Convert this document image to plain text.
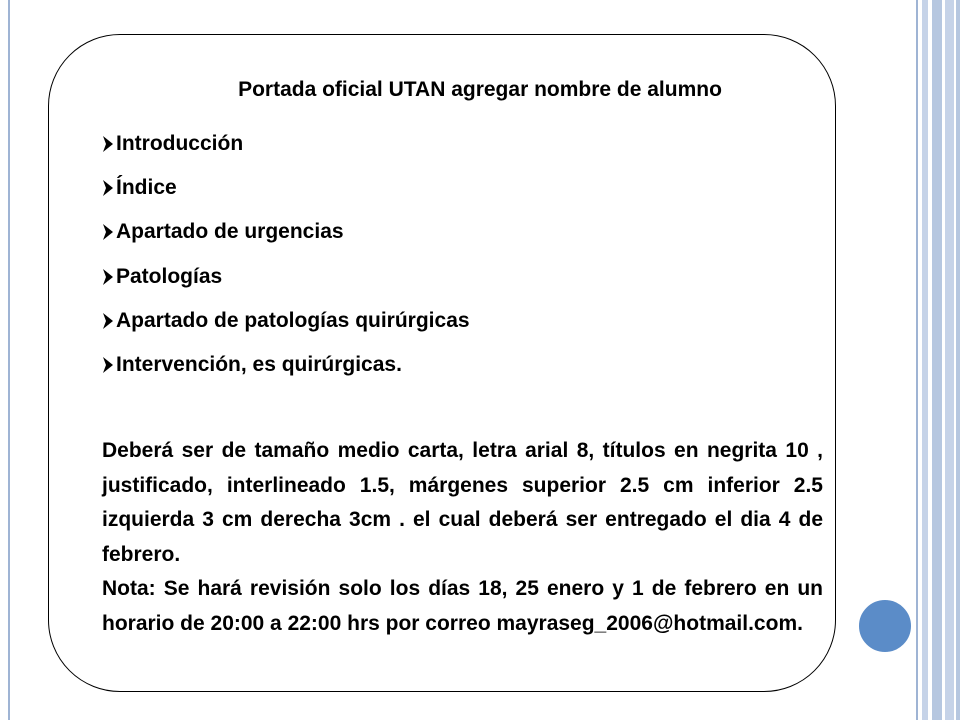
Portada oficial UTAN agregar nombre de alumno
Introducción
Índice
Apartado de urgencias
Patologías
Apartado de patologías quirúrgicas
Intervención, es quirúrgicas.

Deberá ser de tamaño medio carta, letra arial 8, títulos en negrita 10 , justificado, interlineado 1.5, márgenes superior 2.5 cm inferior 2.5 izquierda 3 cm derecha 3cm . el cual deberá ser entregado el dia 4 de febrero.

Nota: Se hará revisión solo los días 18, 25 enero y 1 de febrero en un horario de 20:00 a 22:00 hrs por correo mayraseg_2006@hotmail.com.
